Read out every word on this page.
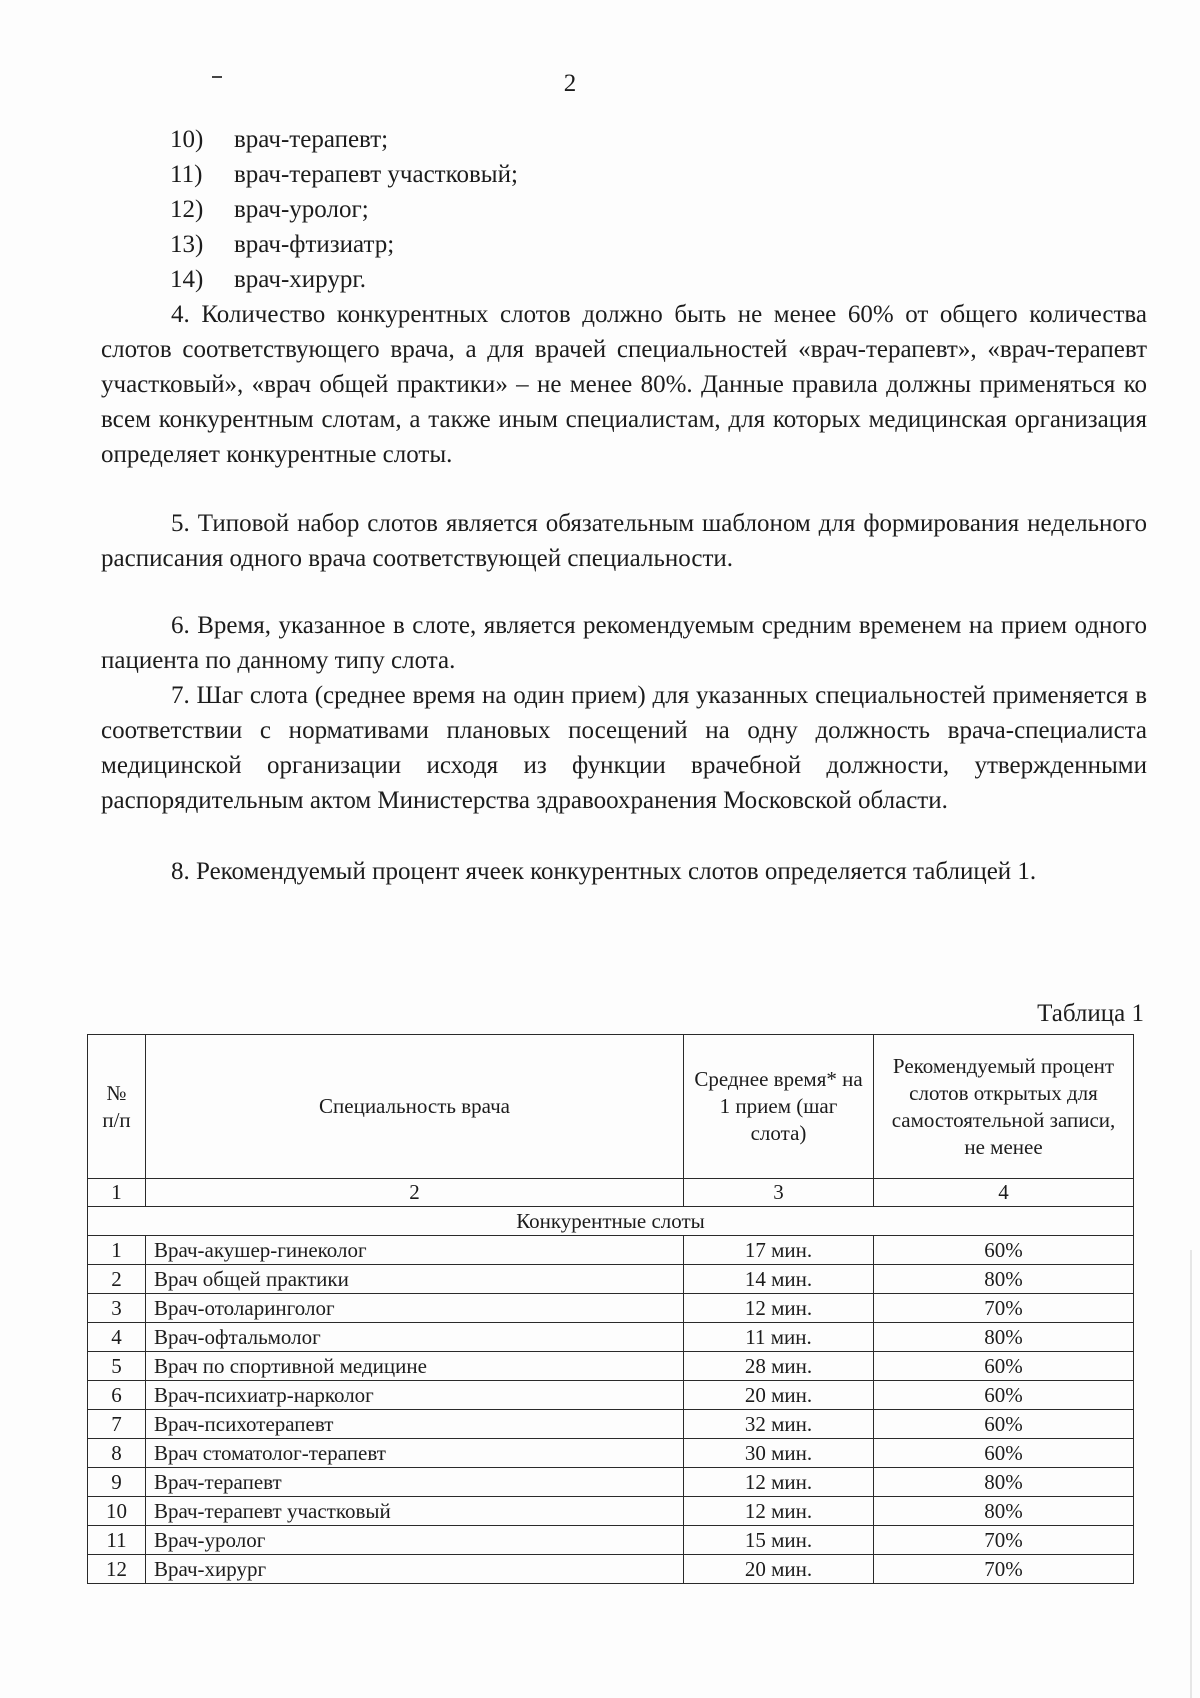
2
10) врач-терапевт;
11) врач-терапевт участковый;
12) врач-уролог;
13) врач-фтизиатр;
14) врач-хирург.

4. Количество конкурентных слотов должно быть не менее 60% от общего количества слотов соответствующего врача, а для врачей специальностей «врач-терапевт», «врач-терапевт участковый», «врач общей практики» – не менее 80%. Данные правила должны применяться ко всем конкурентным слотам, а также иным специалистам, для которых медицинская организация определяет конкурентные слоты.

5. Типовой набор слотов является обязательным шаблоном для формирования недельного расписания одного врача соответствующей специальности.

6. Время, указанное в слоте, является рекомендуемым средним временем на прием одного пациента по данному типу слота.

7. Шаг слота (среднее время на один прием) для указанных специальностей применяется в соответствии с нормативами плановых посещений на одну должность врача-специалиста медицинской организации исходя из функции врачебной должности, утвержденными распорядительным актом Министерства здравоохранения Московской области.

8. Рекомендуемый процент ячеек конкурентных слотов определяется таблицей 1.

Таблица 1
№ п/п	Специальность врача	Среднее время* на 1 прием (шаг слота)	Рекомендуемый процент слотов открытых для самостоятельной записи, не менее
1	2	3	4
Конкурентные слоты			
1	Врач-акушер-гинеколог	17 мин.	60%
2	Врач общей практики	14 мин.	80%
3	Врач-отоларинголог	12 мин.	70%
4	Врач-офтальмолог	11 мин.	80%
5	Врач по спортивной медицине	28 мин.	60%
6	Врач-психиатр-нарколог	20 мин.	60%
7	Врач-психотерапевт	32 мин.	60%
8	Врач стоматолог-терапевт	30 мин.	60%
9	Врач-терапевт	12 мин.	80%
10	Врач-терапевт участковый	12 мин.	80%
11	Врач-уролог	15 мин.	70%
12	Врач-хирург	20 мин.	70%
